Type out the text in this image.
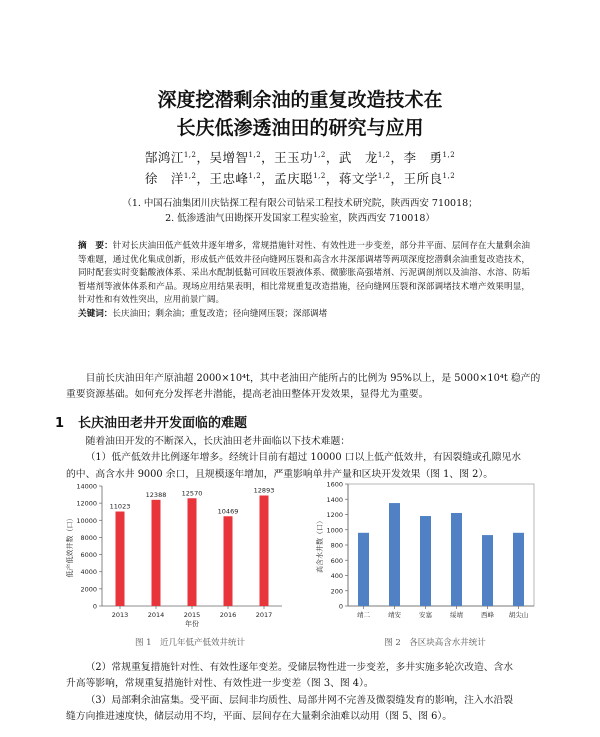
深度挖潜剩余油的重复改造技术在
长庆低渗透油田的研究与应用
郜鸿江$^{1,2}$，吴增智$^{1,2}$，王玉功$^{1,2}$，武　龙$^{1,2}$，李　勇$^{1,2}$
徐　洋$^{1,2}$，王忠峰$^{1,2}$，孟庆聪$^{1,2}$，蒋文学$^{1,2}$，王所良$^{1,2}$
（1. 中国石油集团川庆钻探工程有限公司钻采工程技术研究院，陕西西安 710018；
2. 低渗透油气田勘探开发国家工程实验室，陕西西安 710018）
摘　要：针对长庆油田低产低效井逐年增多，常规措施针对性、有效性进一步变差，部分井平面、层间存在大量剩余油等难题，通过优化集成创新，形成低产低效井径向缝网压裂和高含水井深部调堵等两项深度挖潜剩余油重复改造技术，同时配套实时变黏酸液体系、采出水配制低黏可回收压裂液体系、微膨胀高强堵剂、污泥调剖剂以及油溶、水溶、防垢暂堵剂等液体体系和产品。现场应用结果表明，相比常规重复改造措施，径向缝网压裂和深部调堵技术增产效果明显，针对性和有效性突出，应用前景广阔。
关键词：长庆油田；剩余油；重复改造；径向缝网压裂；深部调堵
目前长庆油田年产原油超 2000×10⁴t，其中老油田产能所占的比例为 95%以上，是 5000×10⁴t 稳产的
重要资源基础。如何充分发挥老井潜能，提高老油田整体开发效果，显得尤为重要。
1 长庆油田老井开发面临的难题
随着油田开发的不断深入，长庆油田老井面临以下技术难题：
（1）低产低效井比例逐年增多。经统计目前有超过 10000 口以上低产低效井，有因裂缝或孔隙见水
的中、高含水井 9000 余口，且规模逐年增加，严重影响单井产量和区块开发效果（图 1、图 2）。
0
2000
4000
6000
8000
10000
12000
14000
低产低效井数（口）
2013
11023
2014
12388
2015
12570
2016
10469
2017
12893
年份
图 1　近几年低产低效井统计
0
200
400
600
800
1000
1200
1400
1600
高含水井数（口）
靖二	靖安	安塞	绥靖	西峰 胡尖山
图 2　各区块高含水井统计
（2）常规重复措施针对性、有效性逐年变差。受储层物性进一步变差，多井实施多轮次改造、含水
升高等影响，常规重复措施针对性、有效性进一步变差（图 3、图 4）。
（3）局部剩余油富集。受平面、层间非均质性、局部井网不完善及微裂缝发育的影响，注入水沿裂
缝方向推进速度快，储层动用不均，平面、层间存在大量剩余油难以动用（图 5、图 6）。
